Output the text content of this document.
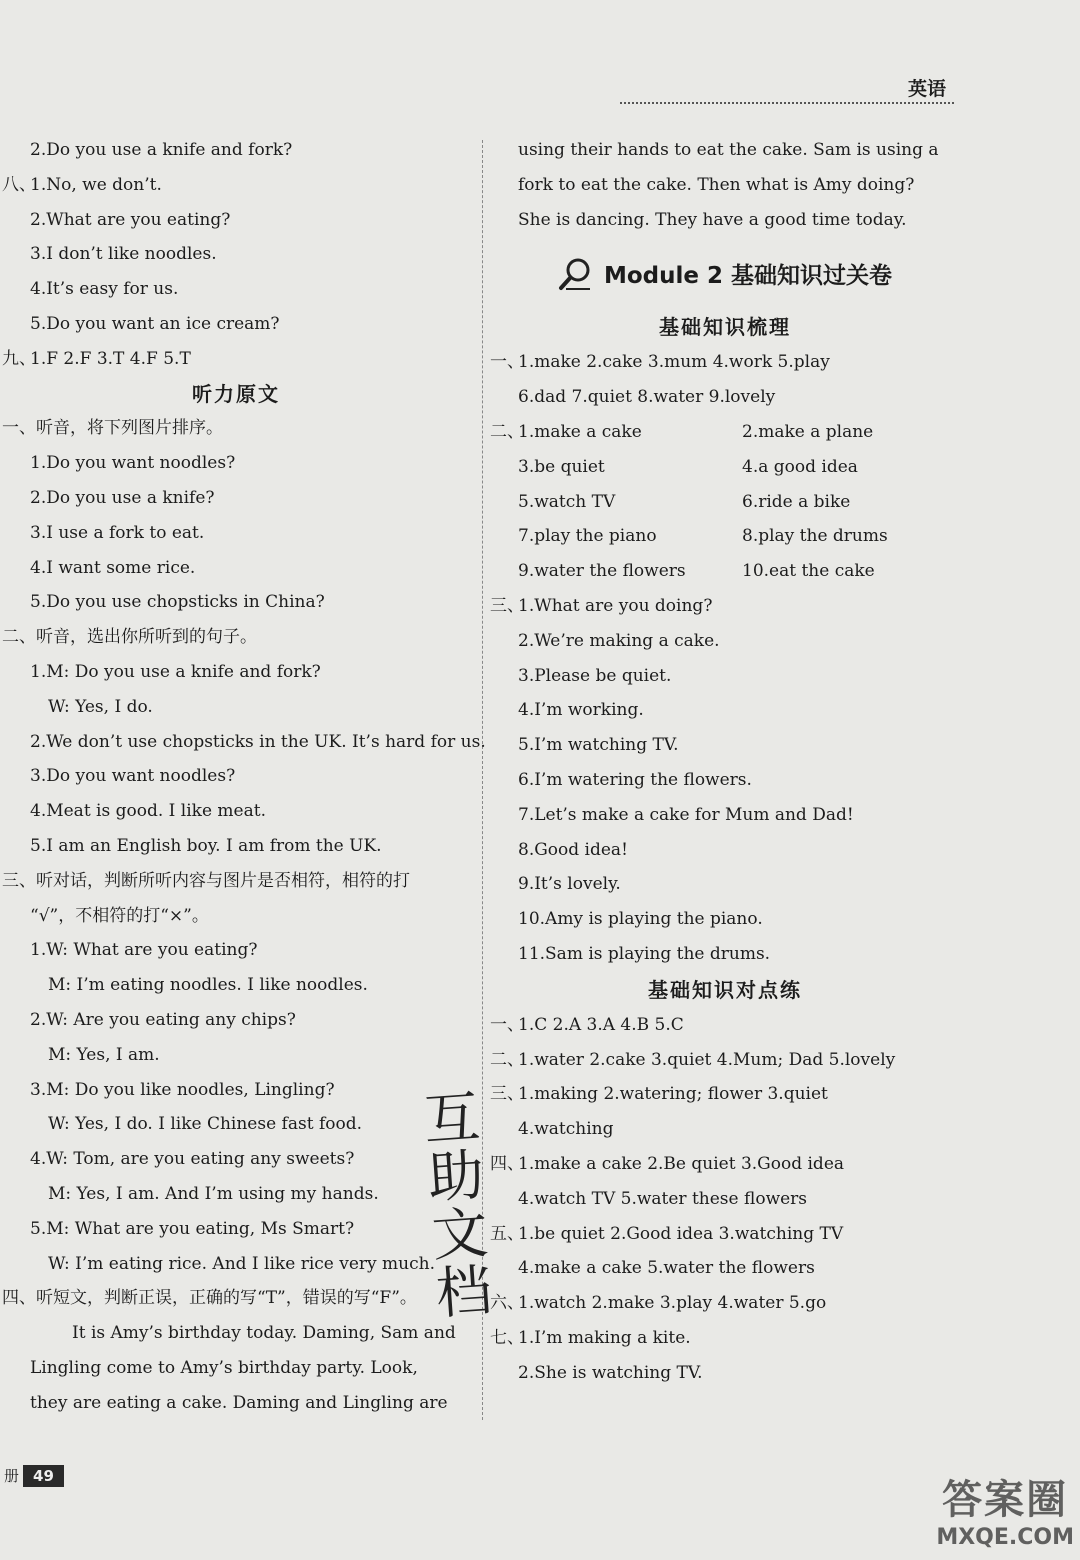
英语
2.Do you use a knife and fork?
八、
1.No, we don’t.
2.What are you eating?
3.I don’t like noodles.
4.It’s easy for us.
5.Do you want an ice cream?
九、
1.F 2.F 3.T 4.F 5.T
听力原文
一、听音，将下列图片排序。
1.Do you want noodles?
2.Do you use a knife?
3.I use a fork to eat.
4.I want some rice.
5.Do you use chopsticks in China?
二、听音，选出你所听到的句子。
1.M: Do you use a knife and fork?
W: Yes, I do.
2.We don’t use chopsticks in the UK. It’s hard for us.
3.Do you want noodles?
4.Meat is good. I like meat.
5.I am an English boy. I am from the UK.
三、听对话，判断所听内容与图片是否相符，相符的打
“√”，不相符的打“×”。
1.W: What are you eating?
M: I’m eating noodles. I like noodles.
2.W: Are you eating any chips?
M: Yes, I am.
3.M: Do you like noodles, Lingling?
W: Yes, I do. I like Chinese fast food.
4.W: Tom, are you eating any sweets?
M: Yes, I am. And I’m using my hands.
5.M: What are you eating, Ms Smart?
W: I’m eating rice. And I like rice very much.
四、听短文，判断正误，正确的写“T”，错误的写“F”。
It is Amy’s birthday today. Daming, Sam and
Lingling come to Amy’s birthday party. Look,
they are eating a cake. Daming and Lingling are
using their hands to eat the cake. Sam is using a
fork to eat the cake. Then what is Amy doing?
She is dancing. They have a good time today.
Module 2 基础知识过关卷
基础知识梳理
一、
1.make 2.cake 3.mum 4.work 5.play
6.dad 7.quiet 8.water 9.lovely
二、
1.make a cake	2.make a plane
3.be quiet	4.a good idea
5.watch TV	6.ride a bike
7.play the piano	8.play the drums
9.water the flowers	10.eat the cake
三、
1.What are you doing?
2.We’re making a cake.
3.Please be quiet.
4.I’m working.
5.I’m watching TV.
6.I’m watering the flowers.
7.Let’s make a cake for Mum and Dad!
8.Good idea!
9.It’s lovely.
10.Amy is playing the piano.
11.Sam is playing the drums.
基础知识对点练
一、
1.C 2.A 3.A 4.B 5.C
二、
1.water 2.cake 3.quiet 4.Mum; Dad 5.lovely
三、
1.making 2.watering; flower 3.quiet
4.watching
四、
1.make a cake 2.Be quiet 3.Good idea
4.watch TV 5.water these flowers
五、
1.be quiet 2.Good idea 3.watching TV
4.make a cake 5.water the flowers
六、
1.watch 2.make 3.play 4.water 5.go
七、
1.I’m making a kite.
2.She is watching TV.
互
助
文
档
册 49
答案圈
MXQE.COM
